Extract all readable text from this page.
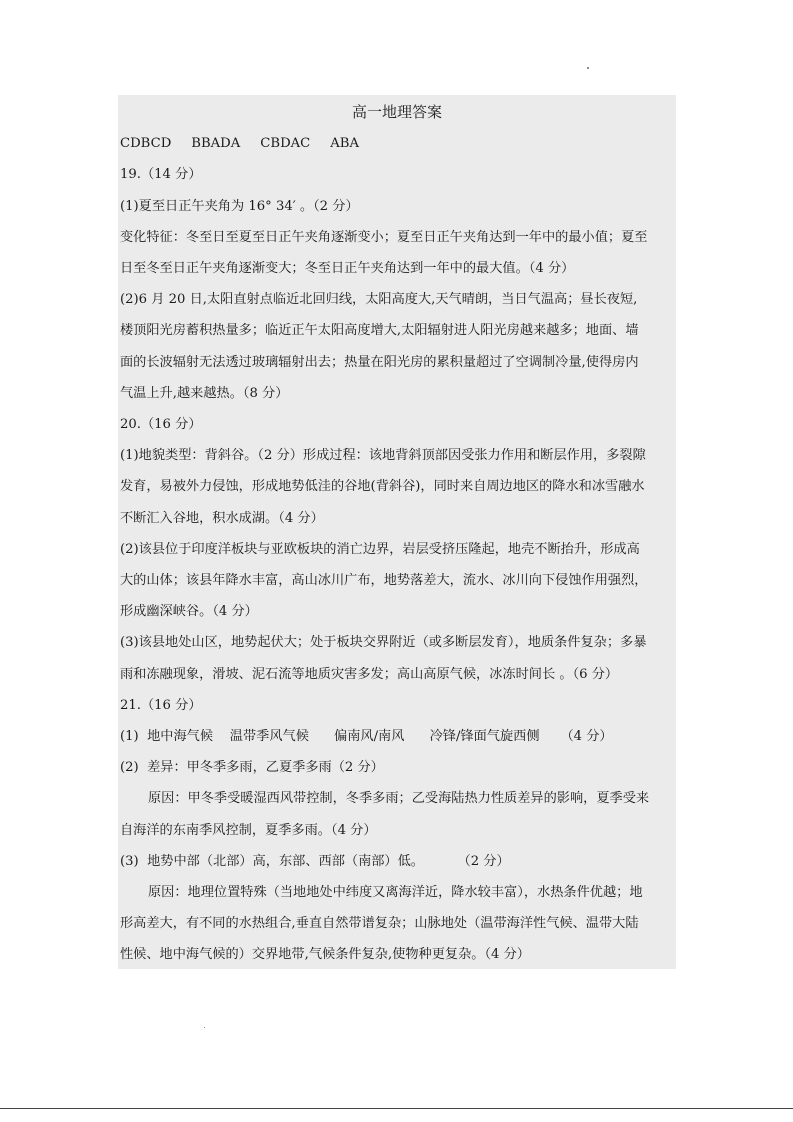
高一地理答案
CDBCD BBADA CBDAC ABA
19.（14 分）
(1)夏至日正午夹角为 16° 34′ 。（2 分）
变化特征：冬至日至夏至日正午夹角逐渐变小；夏至日正午夹角达到一年中的最小值；夏至
日至冬至日正午夹角逐渐变大；冬至日正午夹角达到一年中的最大值。（4 分）
(2)6 月 20 日,太阳直射点临近北回归线，太阳高度大,天气晴朗，当日气温高；昼长夜短,
楼顶阳光房蓄积热量多；临近正午太阳高度增大,太阳辐射进人阳光房越来越多；地面、墙
面的长波辐射无法透过玻璃辐射出去；热量在阳光房的累积量超过了空调制冷量,使得房内
气温上升,越来越热。（8 分）
20.（16 分）
(1)地貌类型：背斜谷。（2 分）形成过程：该地背斜顶部因受张力作用和断层作用，多裂隙
发育，易被外力侵蚀，形成地势低洼的谷地(背斜谷)，同时来自周边地区的降水和冰雪融水
不断汇入谷地，积水成湖。（4 分）
(2)该县位于印度洋板块与亚欧板块的消亡边界，岩层受挤压隆起，地壳不断抬升，形成高
大的山体；该县年降水丰富，高山冰川广布，地势落差大，流水、冰川向下侵蚀作用强烈，
形成幽深峡谷。（4 分）
(3)该县地处山区，地势起伏大；处于板块交界附近（或多断层发育），地质条件复杂；多暴
雨和冻融现象，滑坡、泥石流等地质灾害多发；高山高原气候，冰冻时间长 。（6 分）
21.（16 分）
(1)  地中海气候    温带季风气候      偏南风/南风      冷锋/锋面气旋西侧     （4 分）
(2)  差异：甲冬季多雨，乙夏季多雨（2 分）
原因：甲冬季受暖湿西风带控制，冬季多雨；乙受海陆热力性质差异的影响，夏季受来
自海洋的东南季风控制，夏季多雨。（4 分）
(3)  地势中部（北部）高，东部、西部（南部）低。        （2 分）
原因：地理位置特殊（当地地处中纬度又离海洋近，降水较丰富），水热条件优越；地
形高差大，有不同的水热组合,垂直自然带谱复杂；山脉地处（温带海洋性气候、温带大陆
性候、地中海气候的）交界地带,气候条件复杂,使物种更复杂。（4 分）
